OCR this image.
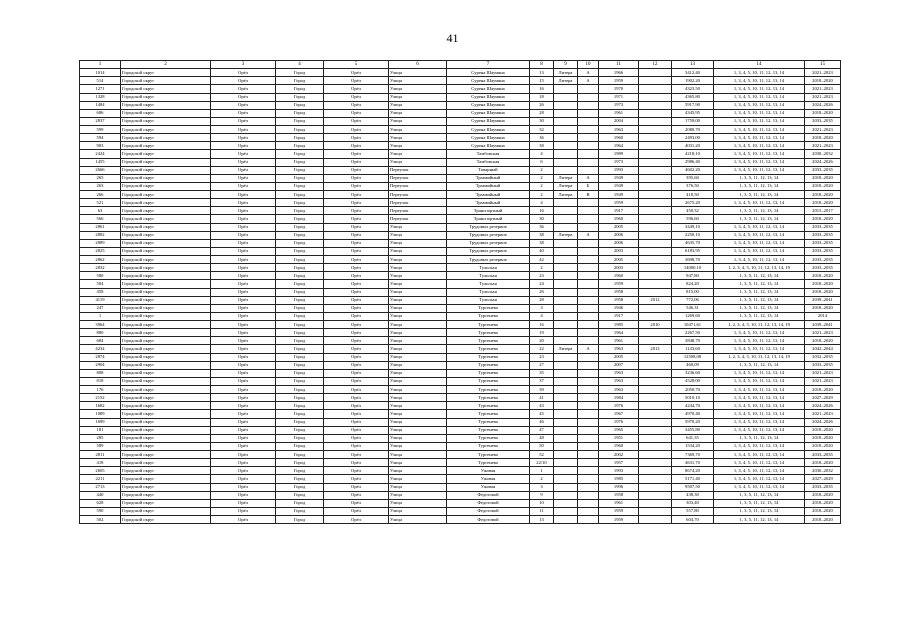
41
1	2	3	4	5	6	7	8	9	10	11	12	13	14	15
1014	Городской округ	Орёл	Город	Орёл	Улица	Сурена Шаумяна	13	Литера	А	1966		3412,40	1, 3, 4, 5, 10, 11, 12, 13, 14	2021–2023
514	Городской округ	Орёл	Город	Орёл	Улица	Сурена Шаумяна	15	Литера	А	1959		1902,20	1, 3, 4, 5, 10, 11, 12, 13, 14	2018–2020
1271	Городской округ	Орёл	Город	Орёл	Улица	Сурена Шаумяна	16			1970		4323,50	1, 3, 4, 5, 10, 11, 12, 13, 14	2021–2023
1328	Городской округ	Орёл	Город	Орёл	Улица	Сурена Шаумяна	18			1971		4365,80	1, 3, 4, 5, 10, 11, 12, 13, 14	2021–2023
1484	Городской округ	Орёл	Город	Орёл	Улица	Сурена Шаумяна	26			1973		5917,90	1, 3, 4, 5, 10, 11, 12, 13, 14	2024–2026
686	Городской округ	Орёл	Город	Орёл	Улица	Сурена Шаумяна	28			1961		4345,95	1, 3, 4, 5, 10, 11, 12, 13, 14	2018–2020
2837	Городской округ	Орёл	Город	Орёл	Улица	Сурена Шаумяна	30			2004		1759,00	1, 3, 4, 5, 10, 11, 12, 13, 14	2033–2035
599	Городской округ	Орёл	Город	Орёл	Улица	Сурена Шаумяна	32			1963		2080,70	1, 3, 4, 5, 10, 11, 12, 13, 14	2021–2023
594	Городской округ	Орёл	Город	Орёл	Улица	Сурена Шаумяна	36			1960		2493,00	1, 3, 4, 5, 10, 11, 12, 13, 14	2018–2020
903	Городской округ	Орёл	Город	Орёл	Улица	Сурена Шаумяна	38			1964		4031,20	1, 3, 4, 5, 10, 11, 12, 13, 14	2021–2023
2424	Городской округ	Орёл	Город	Орёл	Улица	Тамбовская	4			1989		4218,10	1, 3, 4, 5, 10, 11, 12, 13, 14	2030–2032
1455	Городской округ	Орёл	Город	Орёл	Улица	Тамбовская	6			1973		2986,40	1, 3, 4, 5, 10, 11, 12, 13, 14	2024–2026
2666	Городской округ	Орёл	Город	Орёл	Переулок	Товарный	2			1993		4602,20	1, 3, 4, 5, 10, 11, 12, 13, 14	2033–2035
265	Городской округ	Орёл	Город	Орёл	Переулок	Трамвайный	2	Литера	А	1949		395,60	1, 3, 5, 11, 12, 13, 14	2018–2020
263	Городской округ	Орёл	Город	Орёл	Переулок	Трамвайный	2	Литера	Б	1949		376,50	1, 3, 5, 11, 12, 13, 14	2018–2020
266	Городской округ	Орёл	Город	Орёл	Переулок	Трамвайный	2	Литера	В	1949		418,50	1, 3, 5, 11, 12, 13, 14	2018–2020
521	Городской округ	Орёл	Город	Орёл	Переулок	Трамвайный	4			1959		2675,20	1, 3, 4, 5, 10, 11, 12, 13, 14	2018–2020
63	Городской округ	Орёл	Город	Орёл	Переулок	Транспортный	16			1917		450,32	1, 3, 5, 11, 12, 13, 14	2015–2017
566	Городской округ	Орёл	Город	Орёл	Переулок	Транспортный	30			1960		596,60	1, 3, 5, 11, 12, 13, 14	2018–2020
2861	Городской округ	Орёл	Город	Орёл	Улица	Трудовых резервов	36			2005		3449,10	1, 3, 4, 5, 10, 11, 12, 13, 14	2033–2035
2882	Городской округ	Орёл	Город	Орёл	Улица	Трудовых резервов	38	Литера	А	2006		2250,10	1, 3, 4, 5, 10, 11, 12, 13, 14	2033–2035
2889	Городской округ	Орёл	Город	Орёл	Улица	Трудовых резервов	38			2006		4635,70	1, 3, 4, 5, 10, 11, 12, 13, 14	2033–2035
2825	Городской округ	Орёл	Город	Орёл	Улица	Трудовых резервов	40			2003		6183,95	1, 3, 4, 5, 10, 11, 12, 13, 14	2033–2035
2862	Городской округ	Орёл	Город	Орёл	Улица	Трудовых резервов	42			2005		3698,70	1, 3, 4, 5, 10, 11, 12, 13, 14	2033–2035
2832	Городской округ	Орёл	Город	Орёл	Улица	Тульская	2			2003		14000,10	1, 2, 3, 4, 5, 10, 11, 12, 13, 14, 19	2033–2035
580	Городской округ	Орёл	Город	Орёл	Улица	Тульская	23			1960		947,80	1, 3, 5, 11, 12, 13, 14	2018–2020
504	Городской округ	Орёл	Город	Орёл	Улица	Тульская	24			1959		824,20	1, 3, 5, 11, 12, 13, 14	2018–2020
458	Городской округ	Орёл	Город	Орёл	Улица	Тульская	26			1958		815,00	1, 3, 5, 11, 12, 13, 14	2018–2020
4119	Городской округ	Орёл	Город	Орёл	Улица	Тульская	28			1958	2012	772,06	1, 3, 5, 11, 12, 13, 14	2039–2041
247	Городской округ	Орёл	Город	Орёл	Улица	Тургенева	3			1946		546,31	1, 3, 5, 11, 12, 13, 14	2018–2020
1	Городской округ	Орёл	Город	Орёл	Улица	Тургенева	4			1917		1269,60	1, 3, 5, 11, 12, 13, 14	2014
3964	Городской округ	Орёл	Город	Орёл	Улица	Тургенева	16			1985	2010	10471,61	1, 2, 3, 4, 5, 10, 11, 12, 13, 14, 19	2039–2041
880	Городской округ	Орёл	Город	Орёл	Улица	Тургенева	19			1964		2267,50	1, 3, 4, 5, 10, 11, 12, 13, 14	2021–2023
684	Городской округ	Орёл	Город	Орёл	Улица	Тургенева	20			1961		3848,70	1, 3, 4, 5, 10, 11, 12, 13, 14	2018–2020
4234	Городской округ	Орёл	Город	Орёл	Улица	Тургенева	22	Литера	А	1963	2013	1143,60	1, 3, 4, 5, 10, 11, 12, 13, 14	2042–2044
2874	Городской округ	Орёл	Город	Орёл	Улица	Тургенева	23			2005		12508,08	1, 2, 3, 4, 5, 10, 11, 12, 13, 14, 19	2032–2035
2904	Городской округ	Орёл	Город	Орёл	Улица	Тургенева	27			2007		460,09	1, 3, 5, 11, 12, 13, 14	2033–2035
808	Городской округ	Орёл	Город	Орёл	Улица	Тургенева	35			1963		3236,60	1, 3, 4, 5, 10, 11, 12, 13, 14	2021–2023
818	Городской округ	Орёл	Город	Орёл	Улица	Тургенева	37			1963		4528,00	1, 3, 4, 5, 10, 11, 12, 13, 14	2021–2023
176	Городской округ	Орёл	Город	Орёл	Улица	Тургенева	39			1963		2050,70	1, 3, 4, 5, 10, 11, 12, 13, 14	2018–2020
2152	Городской округ	Орёл	Город	Орёл	Улица	Тургенева	41			1984		5010,10	1, 3, 4, 5, 10, 11, 12, 13, 14	2027–2029
1682	Городской округ	Орёл	Город	Орёл	Улица	Тургенева	43			1976		4244,70	1, 3, 4, 5, 10, 11, 12, 13, 14	2024–2026
1089	Городской округ	Орёл	Город	Орёл	Улица	Тургенева	45			1967		4970,40	1, 3, 4, 5, 10, 11, 12, 13, 14	2021–2023
1699	Городской округ	Орёл	Город	Орёл	Улица	Тургенева	46			1976		5970,20	1, 3, 4, 5, 10, 11, 12, 13, 14	2024–2026
181	Городской округ	Орёл	Город	Орёл	Улица	Тургенева	47			1965		3455,80	1, 3, 4, 5, 10, 11, 12, 13, 14	2018–2020
285	Городской округ	Орёл	Город	Орёл	Улица	Тургенева	48			1951		641,35	1, 3, 5, 11, 12, 13, 14	2018–2020
589	Городской округ	Орёл	Город	Орёл	Улица	Тургенева	50			1960		1534,20	1, 3, 4, 5, 10, 11, 12, 13, 14	2018–2020
2811	Городской округ	Орёл	Город	Орёл	Улица	Тургенева	52			2002		7369,70	1, 3, 4, 5, 10, 11, 12, 13, 14	2033–2035
418	Городской округ	Орёл	Город	Орёл	Улица	Тургенева	22/10			1957		4631,70	1, 3, 4, 5, 10, 11, 12, 13, 14	2018–2020
2605	Городской округ	Орёл	Город	Орёл	Улица	Ужовая	1			1993		8674,20	1, 3, 4, 5, 10, 11, 12, 13, 14	2030–2032
2211	Городской округ	Орёл	Город	Орёл	Улица	Ужовая	2			1985		5171,40	1, 3, 4, 5, 10, 11, 12, 13, 14	2027–2029
2713	Городской округ	Орёл	Город	Орёл	Улица	Ужовая	3			1996		9507,50	1, 3, 4, 5, 10, 11, 12, 13, 14	2033–2035
440	Городской округ	Орёл	Город	Орёл	Улица	Федотовой	9			1958		438,30	1, 3, 5, 11, 12, 13, 14	2018–2020
628	Городской округ	Орёл	Город	Орёл	Улица	Федотовой	10			1961		303,40	1, 3, 5, 11, 12, 13, 14	2018–2020
590	Городской округ	Орёл	Город	Орёл	Улица	Федотовой	11			1959		557,80	1, 3, 5, 11, 12, 13, 14	2018–2020
502	Городской округ	Орёл	Город	Орёл	Улица	Федотовой	13			1959		604,70	1, 3, 5, 11, 12, 13, 14	2018–2020
